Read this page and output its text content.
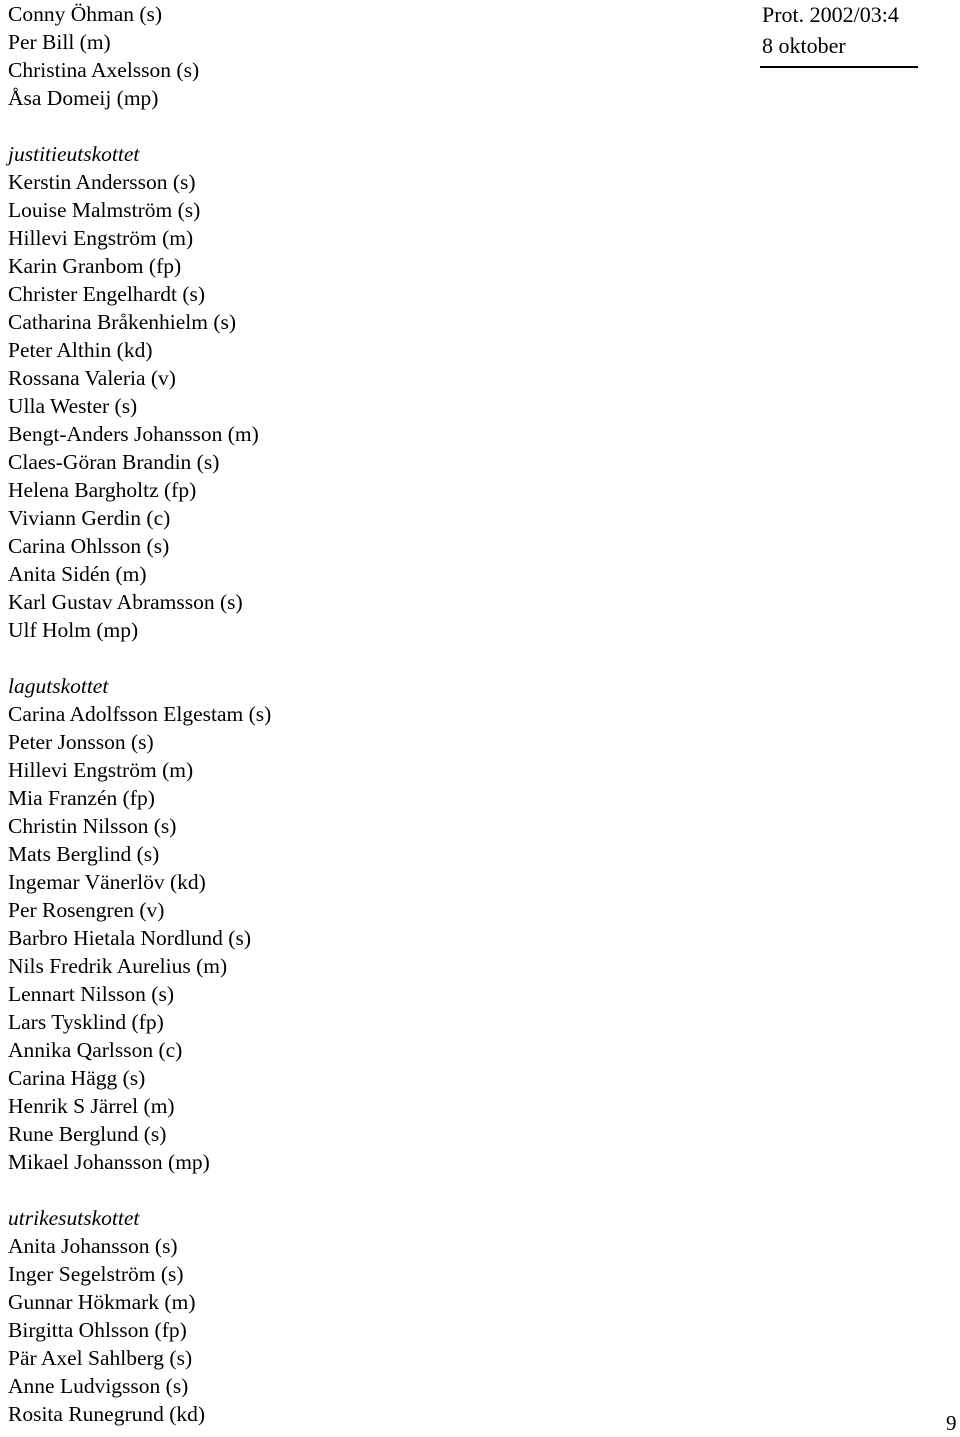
Prot. 2002/03:4
8 oktober
Conny Öhman (s)
Per Bill (m)
Christina Axelsson (s)
Åsa Domeij (mp)
justitieutskottet
Kerstin Andersson (s)
Louise Malmström (s)
Hillevi Engström (m)
Karin Granbom (fp)
Christer Engelhardt (s)
Catharina Bråkenhielm (s)
Peter Althin (kd)
Rossana Valeria (v)
Ulla Wester (s)
Bengt-Anders Johansson (m)
Claes-Göran Brandin (s)
Helena Bargholtz (fp)
Viviann Gerdin (c)
Carina Ohlsson (s)
Anita Sidén (m)
Karl Gustav Abramsson (s)
Ulf Holm (mp)
lagutskottet
Carina Adolfsson Elgestam (s)
Peter Jonsson (s)
Hillevi Engström (m)
Mia Franzén (fp)
Christin Nilsson (s)
Mats Berglind (s)
Ingemar Vänerlöv (kd)
Per Rosengren (v)
Barbro Hietala Nordlund (s)
Nils Fredrik Aurelius (m)
Lennart Nilsson (s)
Lars Tysklind (fp)
Annika Qarlsson (c)
Carina Hägg (s)
Henrik S Järrel (m)
Rune Berglund (s)
Mikael Johansson (mp)
utrikesutskottet
Anita Johansson (s)
Inger Segelström (s)
Gunnar Hökmark (m)
Birgitta Ohlsson (fp)
Pär Axel Sahlberg (s)
Anne Ludvigsson (s)
Rosita Runegrund (kd)	9
